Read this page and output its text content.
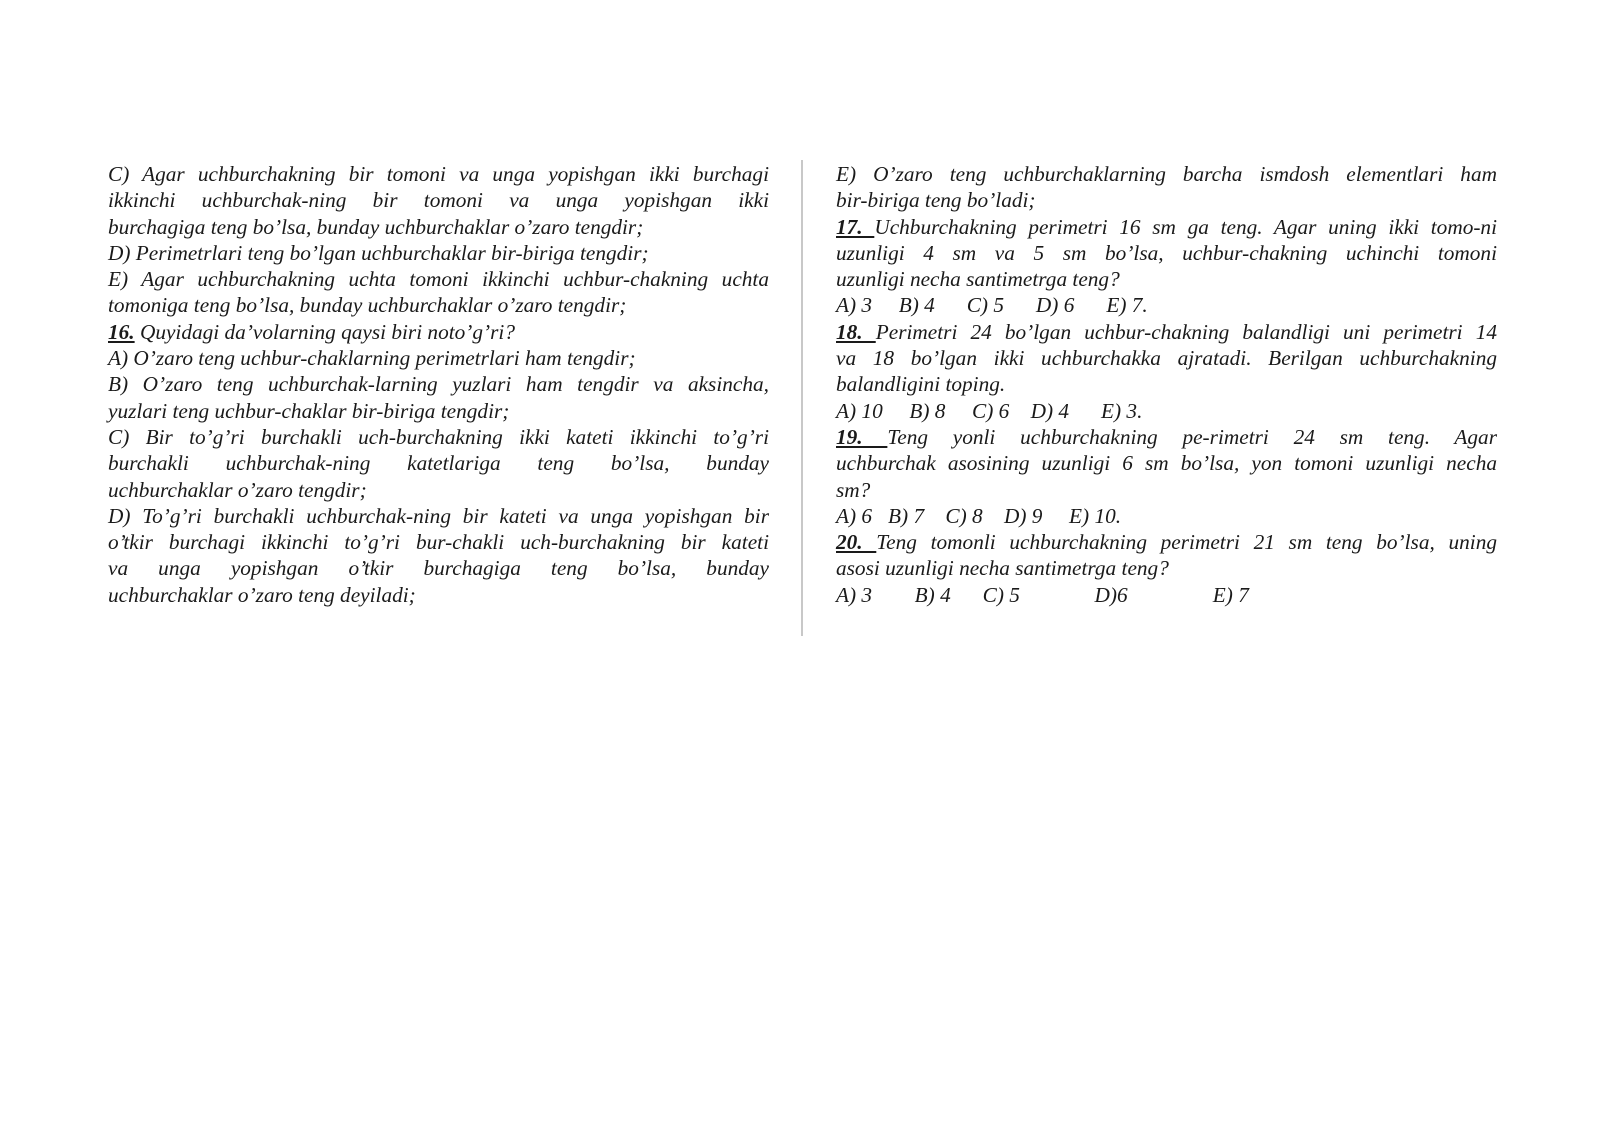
C) Agar uchburchakning bir tomoni va unga yopishgan ikki burchagi
ikkinchi uchburchak-ning bir tomoni va unga yopishgan ikki
burchagiga teng bo’lsa, bunday uchburchaklar o’zaro tengdir;
D) Perimetrlari teng bo’lgan uchburchaklar bir-biriga tengdir;
E) Agar uchburchakning uchta tomoni ikkinchi uchbur-chakning uchta
tomoniga teng bo’lsa, bunday uchburchaklar o’zaro tengdir;
16. Quyidagi da’volarning qaysi biri noto’g’ri?
A) O’zaro teng uchbur-chaklarning perimetrlari ham tengdir;
B) O’zaro teng uchburchak-larning yuzlari ham tengdir va aksincha,
yuzlari teng uchbur-chaklar bir-biriga tengdir;
C) Bir to’g’ri burchakli uch-burchakning ikki kateti ikkinchi to’g’ri
burchakli uchburchak-ning katetlariga teng bo’lsa, bunday
uchburchaklar o’zaro tengdir;
D) To’g’ri burchakli uchburchak-ning bir kateti va unga yopishgan bir
o’tkir burchagi ikkinchi to’g’ri bur-chakli uch-burchakning bir kateti
va unga yopishgan o’tkir burchagiga teng bo’lsa, bunday
uchburchaklar o’zaro teng deyiladi;
E) O’zaro teng uchburchaklarning barcha ismdosh elementlari ham
bir-biriga teng bo’ladi;
17. Uchburchakning perimetri 16 sm ga teng. Agar uning ikki tomo-ni
uzunligi 4 sm va 5 sm bo’lsa, uchbur-chakning uchinchi tomoni
uzunligi necha santimetrga teng?
A) 3     B) 4      C) 5      D) 6      E) 7.
18. Perimetri 24 bo’lgan uchbur-chakning balandligi uni perimetri 14
va 18 bo’lgan ikki uchburchakka ajratadi. Berilgan uchburchakning
balandligini toping.
A) 10     B) 8     C) 6    D) 4      E) 3.
19. Teng yonli uchburchakning pe-rimetri 24 sm teng. Agar
uchburchak asosining uzunligi 6 sm bo’lsa, yon tomoni uzunligi necha
sm?
A) 6   B) 7    C) 8    D) 9     E) 10.
20. Teng tomonli uchburchakning perimetri 21 sm teng bo’lsa, uning
asosi uzunligi necha santimetrga teng?
A) 3        B) 4      C) 5              D)6                E) 7
